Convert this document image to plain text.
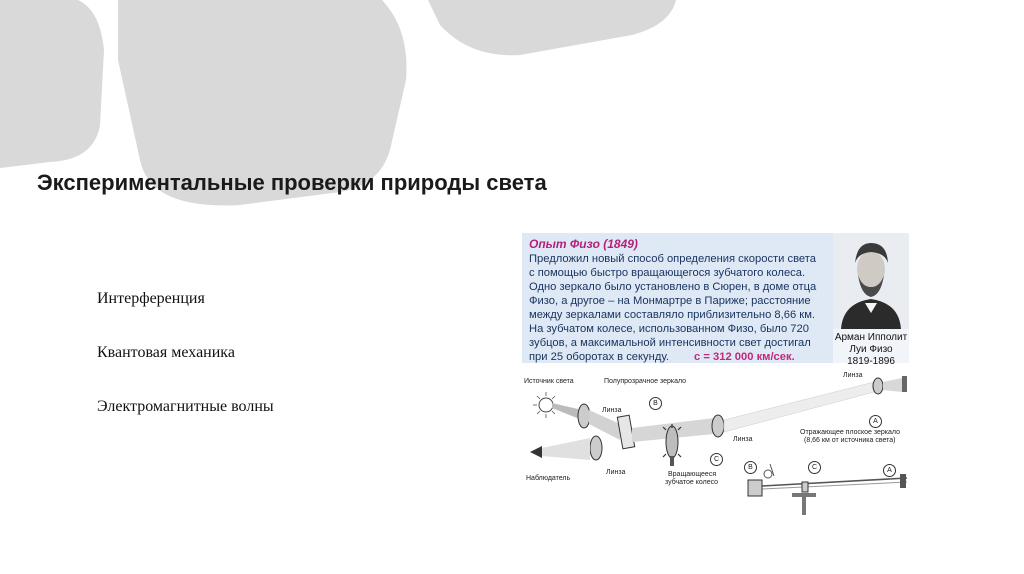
Экспериментальные проверки природы света
Интерференция
Квантовая механика
Электромагнитные волны
Опыт Физо (1849)
Предложил новый способ определения скорости света
с помощью быстро вращающегося зубчатого колеса.
Одно зеркало было установлено в Сюрен, в доме отца
Физо, а другое – на Монмартре в Париже; расстояние
между зеркалами составляло приблизительно 8,66 км.
На зубчатом колесе, использованном Физо, было 720
зубцов, а максимальной интенсивности свет достигал
при 25 оборотах в секунду. с = 312 000 км/сек.
Арман Ипполит
Луи Физо
1819-1896
Источник света	Полупрозрачное зеркало
Линза
Линза
Линза
Линза
Наблюдатель
Вращающееся
зубчатое колесо
Отражающее плоское зеркало
(8,66 км от источника света)
В
С
А
В	С	А
